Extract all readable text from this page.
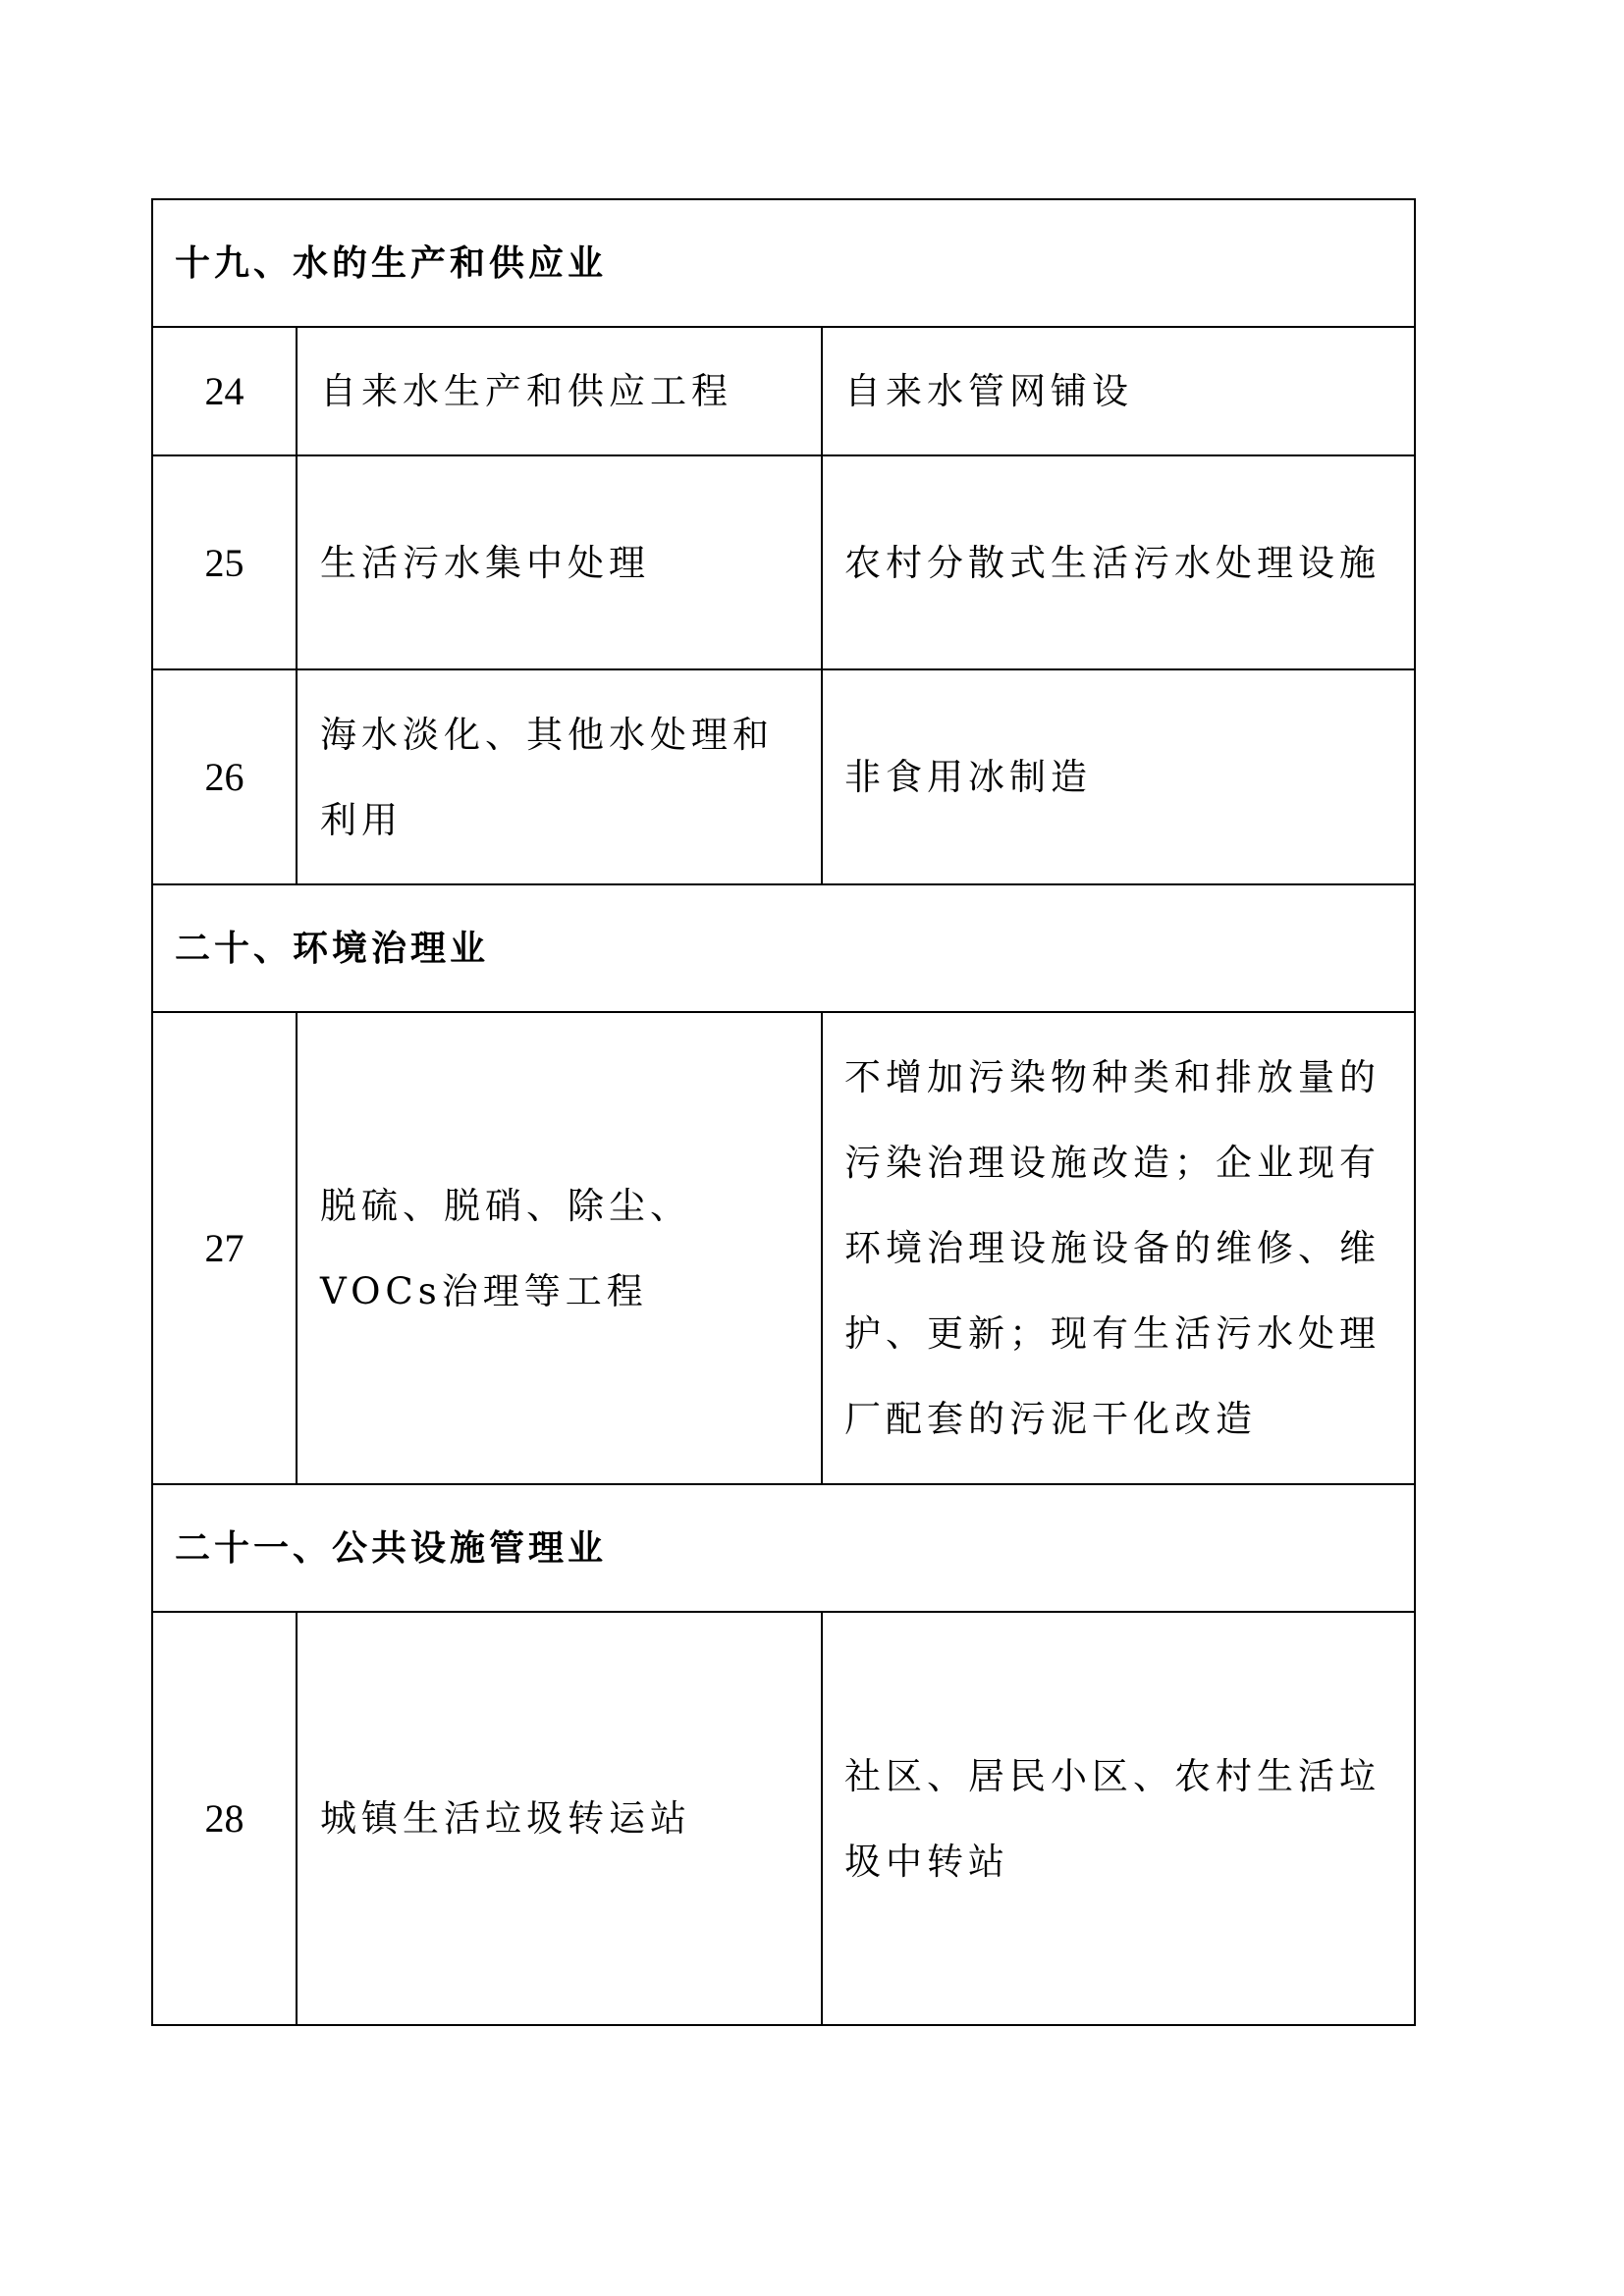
十九、水的生产和供应业		
24	自来水生产和供应工程	自来水管网铺设
25	生活污水集中处理	农村分散式生活污水处理设施
26	海水淡化、其他水处理和利用	非食用冰制造
二十、环境治理业		
27	脱硫、脱硝、除尘、VOCs治理等工程	不增加污染物种类和排放量的污染治理设施改造；企业现有环境治理设施设备的维修、维护、更新；现有生活污水处理厂配套的污泥干化改造
二十一、公共设施管理业		
28	城镇生活垃圾转运站	社区、居民小区、农村生活垃圾中转站
